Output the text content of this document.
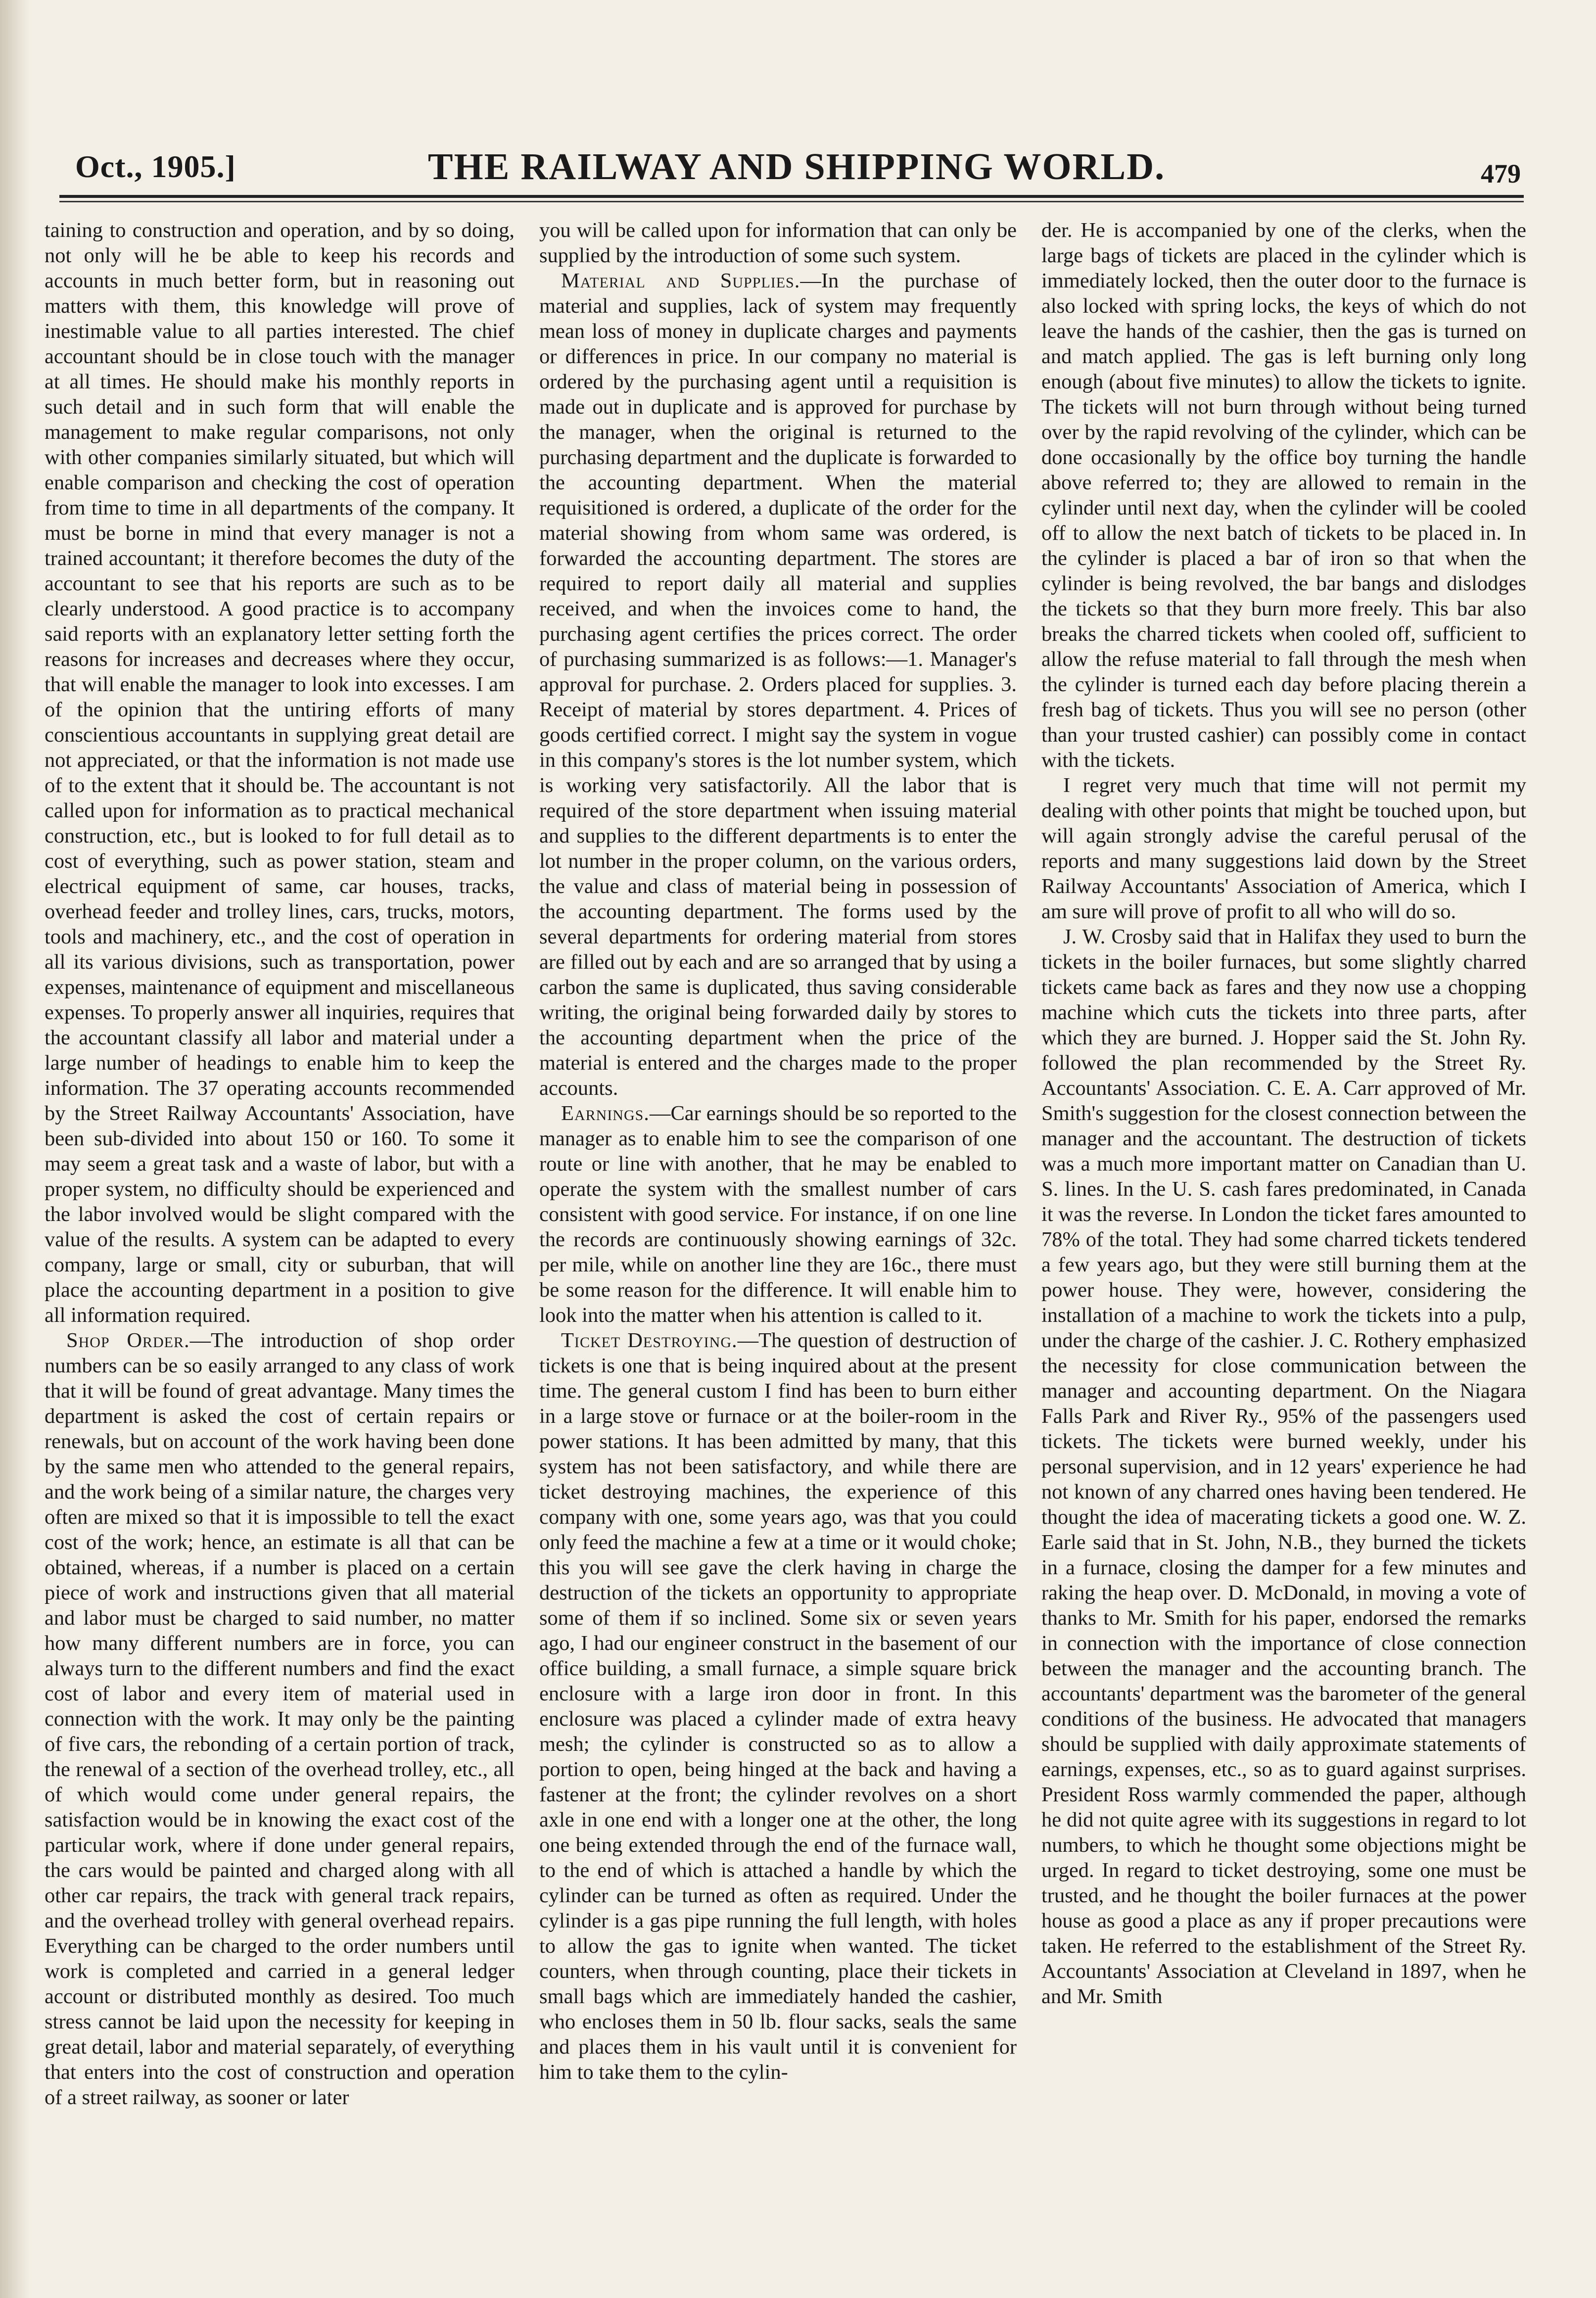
Oct., 1905.]	THE RAILWAY AND SHIPPING WORLD.	479

taining to construction and operation, and by so doing, not only will he be able to keep his records and accounts in much better form, but in reasoning out matters with them, this knowledge will prove of inestimable value to all parties interested. The chief accountant should be in close touch with the manager at all times. He should make his monthly reports in such detail and in such form that will enable the management to make regular comparisons, not only with other companies similarly situated, but which will enable comparison and checking the cost of operation from time to time in all departments of the company. It must be borne in mind that every manager is not a trained accountant; it therefore becomes the duty of the accountant to see that his reports are such as to be clearly understood. A good practice is to accompany said reports with an explanatory letter setting forth the reasons for increases and decreases where they occur, that will enable the manager to look into excesses. I am of the opinion that the untiring efforts of many conscientious accountants in supplying great detail are not appreciated, or that the information is not made use of to the extent that it should be. The accountant is not called upon for information as to practical mechanical construction, etc., but is looked to for full detail as to cost of everything, such as power station, steam and electrical equipment of same, car houses, tracks, overhead feeder and trolley lines, cars, trucks, motors, tools and machinery, etc., and the cost of operation in all its various divisions, such as transportation, power expenses, maintenance of equipment and miscellaneous expenses. To properly answer all inquiries, requires that the accountant classify all labor and material under a large number of headings to enable him to keep the information. The 37 operating accounts recommended by the Street Railway Accountants' Association, have been sub-divided into about 150 or 160. To some it may seem a great task and a waste of labor, but with a proper system, no difficulty should be experienced and the labor involved would be slight compared with the value of the results. A system can be adapted to every company, large or small, city or suburban, that will place the accounting department in a position to give all information required.

Shop Order.—The introduction of shop order numbers can be so easily arranged to any class of work that it will be found of great advantage. Many times the department is asked the cost of certain repairs or renewals, but on account of the work having been done by the same men who attended to the general repairs, and the work being of a similar nature, the charges very often are mixed so that it is impossible to tell the exact cost of the work; hence, an estimate is all that can be obtained, whereas, if a number is placed on a certain piece of work and instructions given that all material and labor must be charged to said number, no matter how many different numbers are in force, you can always turn to the different numbers and find the exact cost of labor and every item of material used in connection with the work. It may only be the painting of five cars, the rebonding of a certain portion of track, the renewal of a section of the overhead trolley, etc., all of which would come under general repairs, the satisfaction would be in knowing the exact cost of the particular work, where if done under general repairs, the cars would be painted and charged along with all other car repairs, the track with general track repairs, and the overhead trolley with general overhead repairs. Everything can be charged to the order numbers until work is completed and carried in a general ledger account or distributed monthly as desired. Too much stress cannot be laid upon the necessity for keeping in great detail, labor and material separately, of everything that enters into the cost of construction and operation of a street railway, as sooner or later

you will be called upon for information that can only be supplied by the introduction of some such system.

Material and Supplies.—In the purchase of material and supplies, lack of system may frequently mean loss of money in duplicate charges and payments or differences in price. In our company no material is ordered by the purchasing agent until a requisition is made out in duplicate and is approved for purchase by the manager, when the original is returned to the purchasing department and the duplicate is forwarded to the accounting department. When the material requisitioned is ordered, a duplicate of the order for the material showing from whom same was ordered, is forwarded the accounting department. The stores are required to report daily all material and supplies received, and when the invoices come to hand, the purchasing agent certifies the prices correct. The order of purchasing summarized is as follows:—1. Manager's approval for purchase. 2. Orders placed for supplies. 3. Receipt of material by stores department. 4. Prices of goods certified correct. I might say the system in vogue in this company's stores is the lot number system, which is working very satisfactorily. All the labor that is required of the store department when issuing material and supplies to the different departments is to enter the lot number in the proper column, on the various orders, the value and class of material being in possession of the accounting department. The forms used by the several departments for ordering material from stores are filled out by each and are so arranged that by using a carbon the same is duplicated, thus saving considerable writing, the original being forwarded daily by stores to the accounting department when the price of the material is entered and the charges made to the proper accounts.

Earnings.—Car earnings should be so reported to the manager as to enable him to see the comparison of one route or line with another, that he may be enabled to operate the system with the smallest number of cars consistent with good service. For instance, if on one line the records are continuously showing earnings of 32c. per mile, while on another line they are 16c., there must be some reason for the difference. It will enable him to look into the matter when his attention is called to it.

Ticket Destroying.—The question of destruction of tickets is one that is being inquired about at the present time. The general custom I find has been to burn either in a large stove or furnace or at the boiler-room in the power stations. It has been admitted by many, that this system has not been satisfactory, and while there are ticket destroying machines, the experience of this company with one, some years ago, was that you could only feed the machine a few at a time or it would choke; this you will see gave the clerk having in charge the destruction of the tickets an opportunity to appropriate some of them if so inclined. Some six or seven years ago, I had our engineer construct in the basement of our office building, a small furnace, a simple square brick enclosure with a large iron door in front. In this enclosure was placed a cylinder made of extra heavy mesh; the cylinder is constructed so as to allow a portion to open, being hinged at the back and having a fastener at the front; the cylinder revolves on a short axle in one end with a longer one at the other, the long one being extended through the end of the furnace wall, to the end of which is attached a handle by which the cylinder can be turned as often as required. Under the cylinder is a gas pipe running the full length, with holes to allow the gas to ignite when wanted. The ticket counters, when through counting, place their tickets in small bags which are immediately handed the cashier, who encloses them in 50 lb. flour sacks, seals the same and places them in his vault until it is convenient for him to take them to the cylin-

der. He is accompanied by one of the clerks, when the large bags of tickets are placed in the cylinder which is immediately locked, then the outer door to the furnace is also locked with spring locks, the keys of which do not leave the hands of the cashier, then the gas is turned on and match applied. The gas is left burning only long enough (about five minutes) to allow the tickets to ignite. The tickets will not burn through without being turned over by the rapid revolving of the cylinder, which can be done occasionally by the office boy turning the handle above referred to; they are allowed to remain in the cylinder until next day, when the cylinder will be cooled off to allow the next batch of tickets to be placed in. In the cylinder is placed a bar of iron so that when the cylinder is being revolved, the bar bangs and dislodges the tickets so that they burn more freely. This bar also breaks the charred tickets when cooled off, sufficient to allow the refuse material to fall through the mesh when the cylinder is turned each day before placing therein a fresh bag of tickets. Thus you will see no person (other than your trusted cashier) can possibly come in contact with the tickets.

I regret very much that time will not permit my dealing with other points that might be touched upon, but will again strongly advise the careful perusal of the reports and many suggestions laid down by the Street Railway Accountants' Association of America, which I am sure will prove of profit to all who will do so.

J. W. Crosby said that in Halifax they used to burn the tickets in the boiler furnaces, but some slightly charred tickets came back as fares and they now use a chopping machine which cuts the tickets into three parts, after which they are burned. J. Hopper said the St. John Ry. followed the plan recommended by the Street Ry. Accountants' Association. C. E. A. Carr approved of Mr. Smith's suggestion for the closest connection between the manager and the accountant. The destruction of tickets was a much more important matter on Canadian than U. S. lines. In the U. S. cash fares predominated, in Canada it was the reverse. In London the ticket fares amounted to 78% of the total. They had some charred tickets tendered a few years ago, but they were still burning them at the power house. They were, however, considering the installation of a machine to work the tickets into a pulp, under the charge of the cashier. J. C. Rothery emphasized the necessity for close communication between the manager and accounting department. On the Niagara Falls Park and River Ry., 95% of the passengers used tickets. The tickets were burned weekly, under his personal supervision, and in 12 years' experience he had not known of any charred ones having been tendered. He thought the idea of macerating tickets a good one. W. Z. Earle said that in St. John, N.B., they burned the tickets in a furnace, closing the damper for a few minutes and raking the heap over. D. McDonald, in moving a vote of thanks to Mr. Smith for his paper, endorsed the remarks in connection with the importance of close connection between the manager and the accounting branch. The accountants' department was the barometer of the general conditions of the business. He advocated that managers should be supplied with daily approximate statements of earnings, expenses, etc., so as to guard against surprises. President Ross warmly commended the paper, although he did not quite agree with its suggestions in regard to lot numbers, to which he thought some objections might be urged. In regard to ticket destroying, some one must be trusted, and he thought the boiler furnaces at the power house as good a place as any if proper precautions were taken. He referred to the establishment of the Street Ry. Accountants' Association at Cleveland in 1897, when he and Mr. Smith
